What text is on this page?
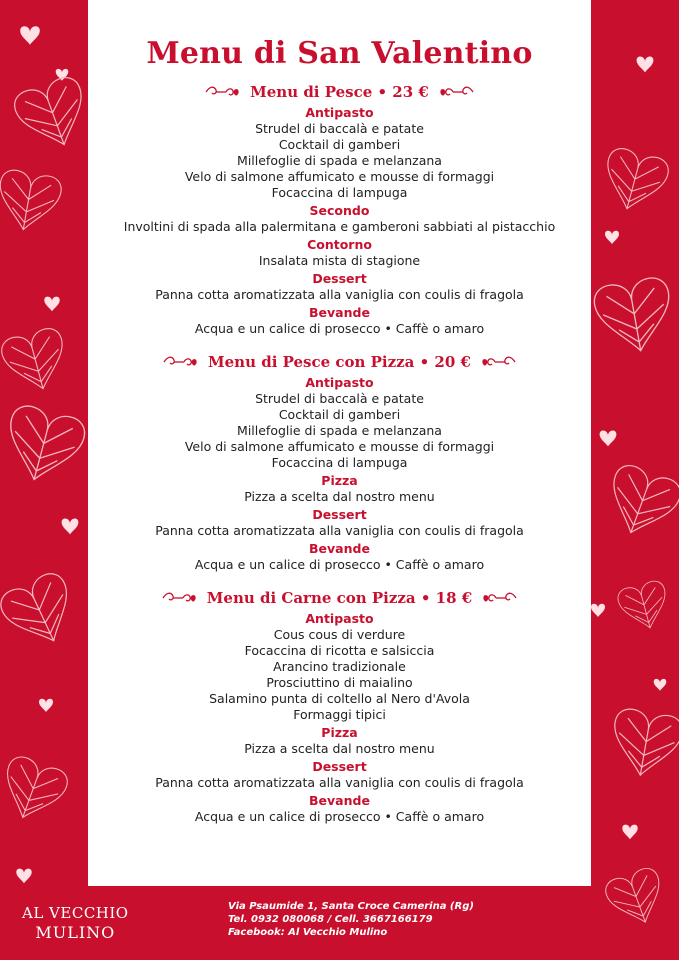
Menu di San Valentino
Menu di Pesce • 23 €
Antipasto
Strudel di baccalà e patate
Cocktail di gamberi
Millefoglie di spada e melanzana
Velo di salmone affumicato e mousse di formaggi
Focaccina di lampuga
Secondo
Involtini di spada alla palermitana e gamberoni sabbiati al pistacchio
Contorno
Insalata mista di stagione
Dessert
Panna cotta aromatizzata alla vaniglia con coulis di fragola
Bevande
Acqua e un calice di prosecco • Caffè o amaro
Menu di Pesce con Pizza • 20 €
Antipasto
Strudel di baccalà e patate
Cocktail di gamberi
Millefoglie di spada e melanzana
Velo di salmone affumicato e mousse di formaggi
Focaccina di lampuga
Pizza
Pizza a scelta dal nostro menu
Dessert
Panna cotta aromatizzata alla vaniglia con coulis di fragola
Bevande
Acqua e un calice di prosecco • Caffè o amaro
Menu di Carne con Pizza • 18 €
Antipasto
Cous cous di verdure
Focaccina di ricotta e salsiccia
Arancino tradizionale
Prosciuttino di maialino
Salamino punta di coltello al Nero d'Avola
Formaggi tipici
Pizza
Pizza a scelta dal nostro menu
Dessert
Panna cotta aromatizzata alla vaniglia con coulis di fragola
Bevande
Acqua e un calice di prosecco • Caffè o amaro
AL VECCHIO
MULINO
Via Psaumide 1, Santa Croce Camerina (Rg)
Tel. 0932 080068 / Cell. 3667166179
Facebook: Al Vecchio Mulino
